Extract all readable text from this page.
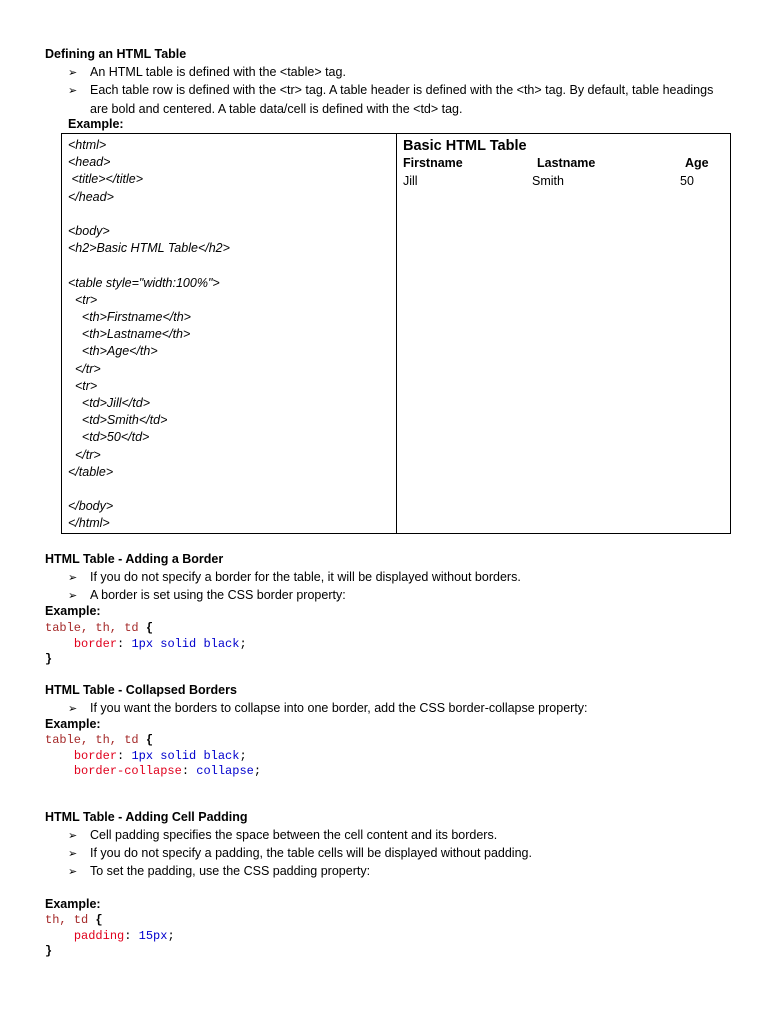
Defining an HTML Table
➢ An HTML table is defined with the <table> tag.
➢ Each table row is defined with the <tr> tag. A table header is defined with the <th> tag. By default, table headings are bold and centered. A table data/cell is defined with the <td> tag.
Example:
<html>
<head>
<title></title>
</head>

<body>
<h2>Basic HTML Table</h2>

<table style="width:100%">
<tr>
<th>Firstname</th>
<th>Lastname</th>
<th>Age</th>
</tr>
<tr>
<td>Jill</td>
<td>Smith</td>
<td>50</td>
</tr>
</table>

</body>
</html>
Basic HTML Table
Firstname	Lastname	Age
Jill	Smith	50
HTML Table - Adding a Border
➢ If you do not specify a border for the table, it will be displayed without borders.
➢ A border is set using the CSS border property:
Example:
table, th, td {
border: 1px solid black;
}
HTML Table - Collapsed Borders
➢ If you want the borders to collapse into one border, add the CSS border-collapse property:
Example:
table, th, td {
border: 1px solid black;
border-collapse: collapse;
HTML Table - Adding Cell Padding
➢ Cell padding specifies the space between the cell content and its borders.
➢ If you do not specify a padding, the table cells will be displayed without padding.
➢ To set the padding, use the CSS padding property:
Example:
th, td {
padding: 15px;
}
